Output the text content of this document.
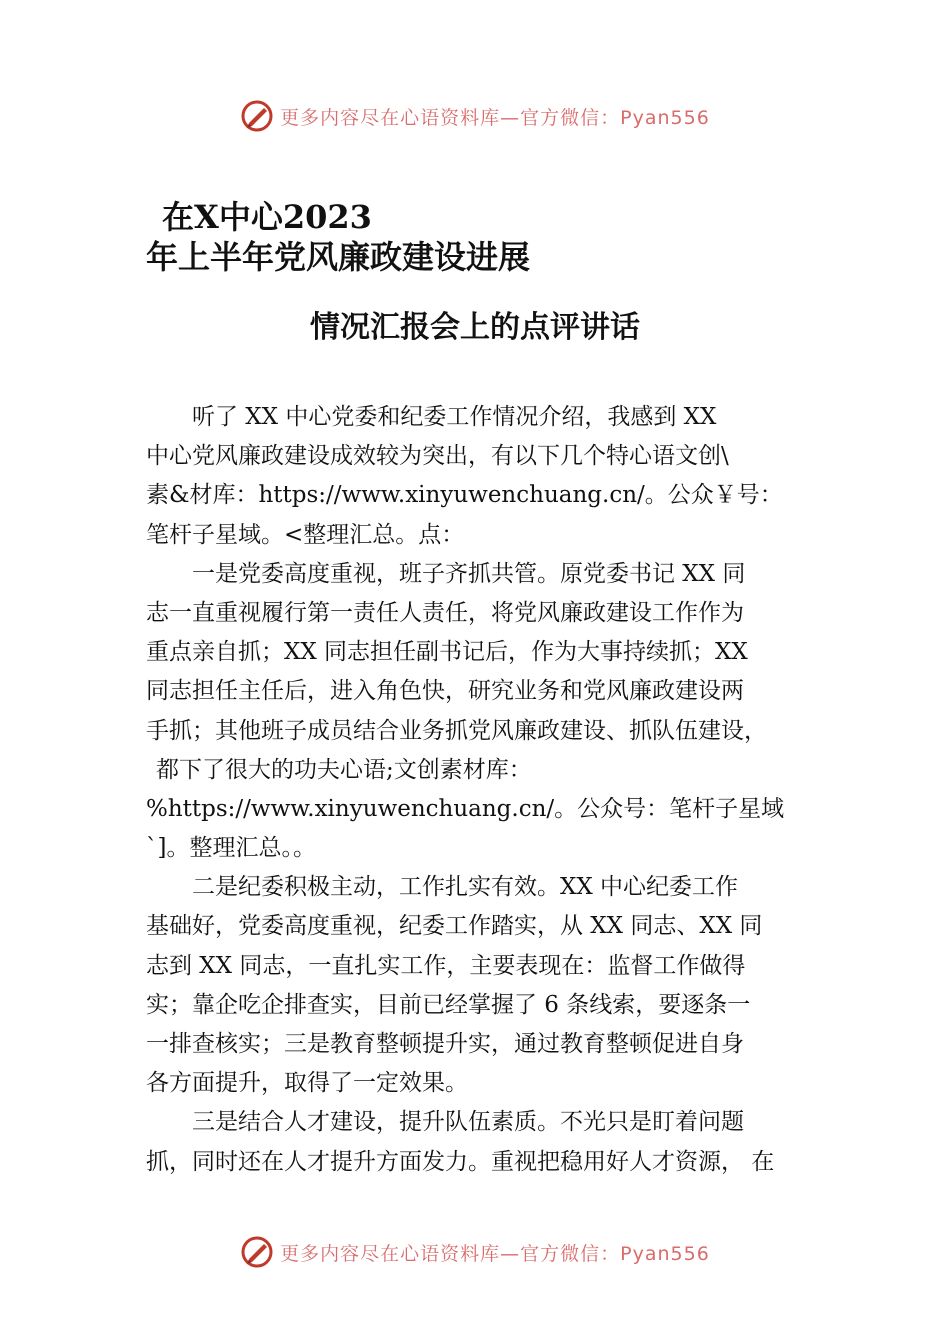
更多内容尽在心语资料库—官方微信：Pyan556
在X中心2023
年上半年党风廉政建设进展
情况汇报会上的点评讲话
听了 XX 中心党委和纪委工作情况介绍，我感到 XX
中心党风廉政建设成效较为突出，有以下几个特心语文创\
素&材库：https://www.xinyuwenchuang.cn/。公众￥号：
笔杆子星域。<整理汇总。点：
一是党委高度重视，班子齐抓共管。原党委书记 XX 同
志一直重视履行第一责任人责任，将党风廉政建设工作作为
重点亲自抓；XX 同志担任副书记后，作为大事持续抓；XX
同志担任主任后，进入角色快，研究业务和党风廉政建设两
手抓；其他班子成员结合业务抓党风廉政建设、抓队伍建设，
都下了很大的功夫心语;文创素材库：
%https://www.xinyuwenchuang.cn/。公众号：笔杆子星域
`]。整理汇总。。
二是纪委积极主动，工作扎实有效。XX 中心纪委工作
基础好，党委高度重视，纪委工作踏实，从 XX 同志、XX 同
志到 XX 同志，一直扎实工作，主要表现在：监督工作做得
实；靠企吃企排查实，目前已经掌握了 6 条线索，要逐条一
一排查核实；三是教育整顿提升实，通过教育整顿促进自身
各方面提升，取得了一定效果。
三是结合人才建设，提升队伍素质。不光只是盯着问题
抓，同时还在人才提升方面发力。重视把稳用好人才资源， 在
更多内容尽在心语资料库—官方微信：Pyan556
